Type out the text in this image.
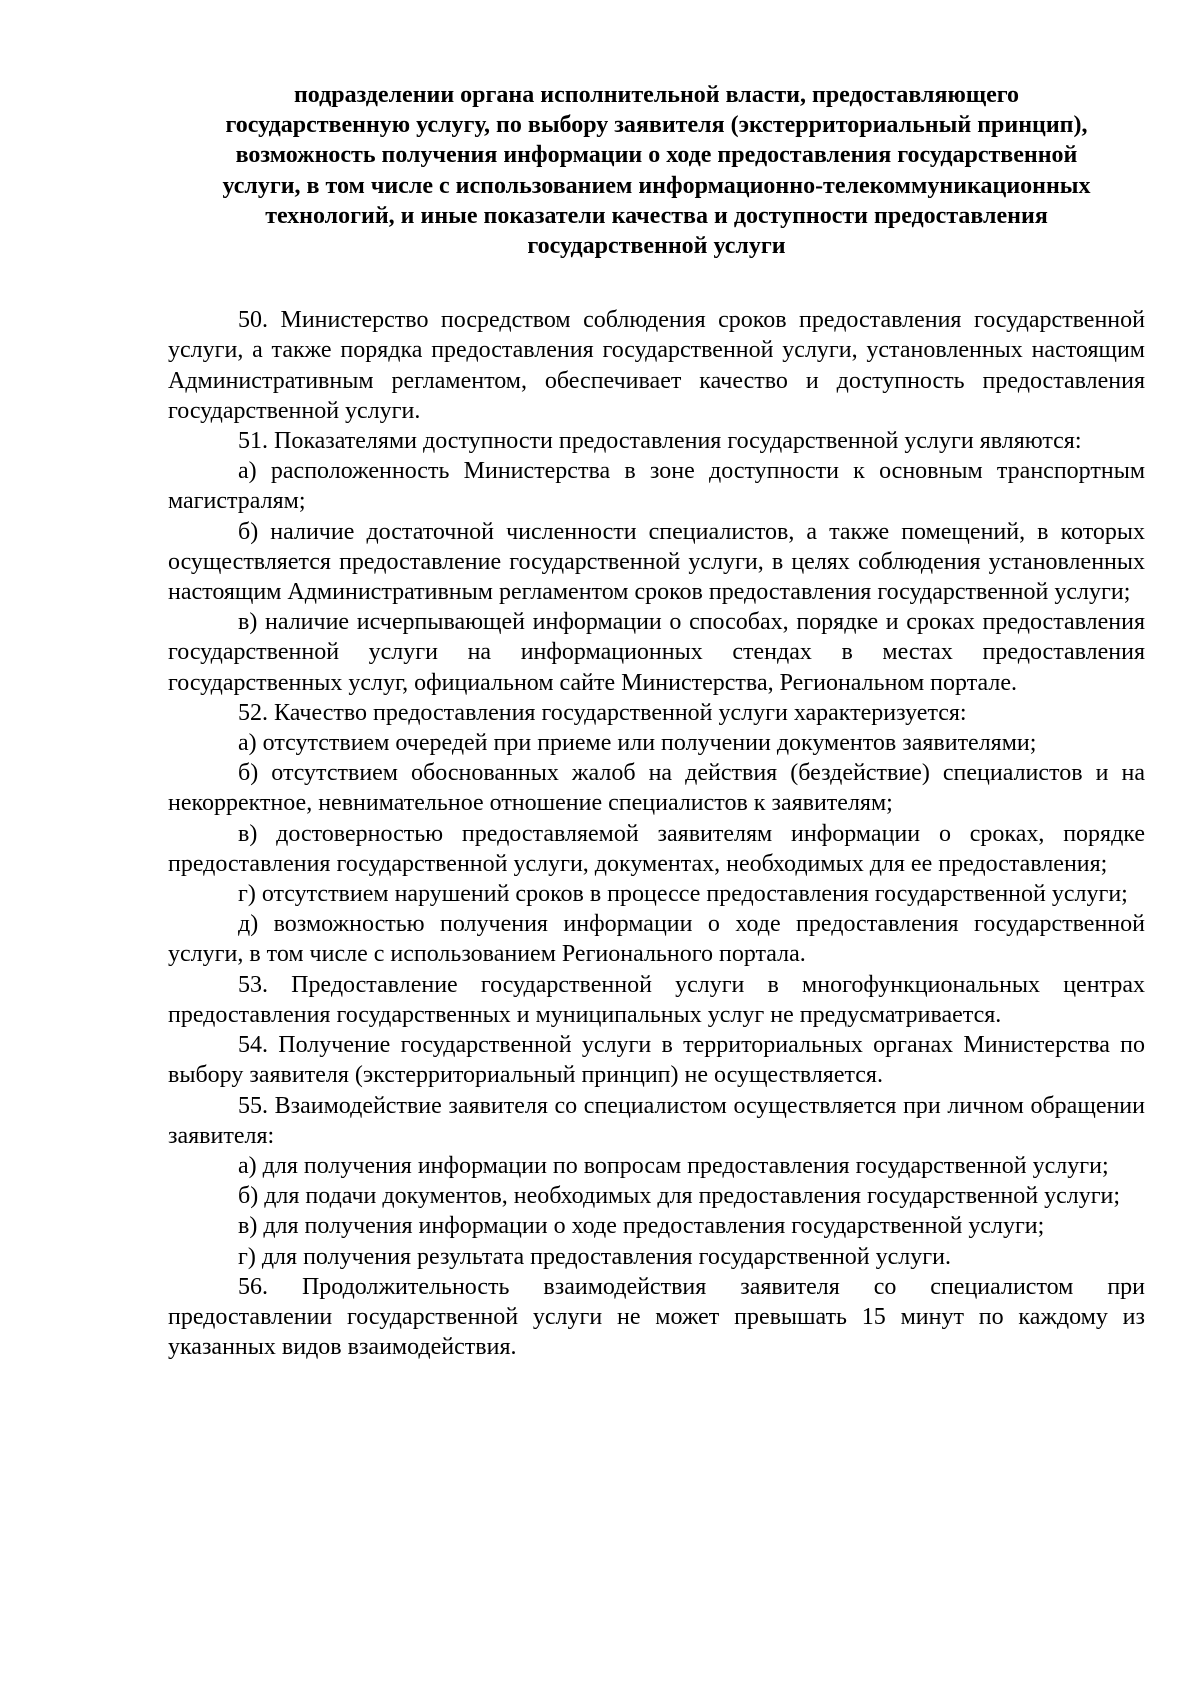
подразделении органа исполнительной власти, предоставляющего
государственную услугу, по выбору заявителя (экстерриториальный принцип),
возможность получения информации о ходе предоставления государственной
услуги, в том числе с использованием информационно-телекоммуникационных
технологий, и иные показатели качества и доступности предоставления
государственной услуги

50. Министерство посредством соблюдения сроков предоставления государственной услуги, а также порядка предоставления государственной услуги, установленных настоящим Административным регламентом, обеспечивает качество и доступность предоставления государственной услуги.

51. Показателями доступности предоставления государственной услуги являются:

а) расположенность Министерства в зоне доступности к основным транспортным магистралям;

б) наличие достаточной численности специалистов, а также помещений, в которых осуществляется предоставление государственной услуги, в целях соблюдения установленных настоящим Административным регламентом сроков предоставления государственной услуги;

в) наличие исчерпывающей информации о способах, порядке и сроках предоставления государственной услуги на информационных стендах в местах предоставления государственных услуг, официальном сайте Министерства, Региональном портале.

52. Качество предоставления государственной услуги характеризуется:

а) отсутствием очередей при приеме или получении документов заявителями;

б) отсутствием обоснованных жалоб на действия (бездействие) специалистов и на некорректное, невнимательное отношение специалистов к заявителям;

в) достоверностью предоставляемой заявителям информации о сроках, порядке предоставления государственной услуги, документах, необходимых для ее предоставления;

г) отсутствием нарушений сроков в процессе предоставления государственной услуги;

д) возможностью получения информации о ходе предоставления государственной услуги, в том числе с использованием Регионального портала.

53. Предоставление государственной услуги в многофункциональных центрах предоставления государственных и муниципальных услуг не предусматривается.

54. Получение государственной услуги в территориальных органах Министерства по выбору заявителя (экстерриториальный принцип) не осуществляется.

55. Взаимодействие заявителя со специалистом осуществляется при личном обращении заявителя:

а) для получения информации по вопросам предоставления государственной услуги;

б) для подачи документов, необходимых для предоставления государственной услуги;

в) для получения информации о ходе предоставления государственной услуги;

г) для получения результата предоставления государственной услуги.

56. Продолжительность взаимодействия заявителя со специалистом при предоставлении государственной услуги не может превышать 15 минут по каждому из указанных видов взаимодействия.
